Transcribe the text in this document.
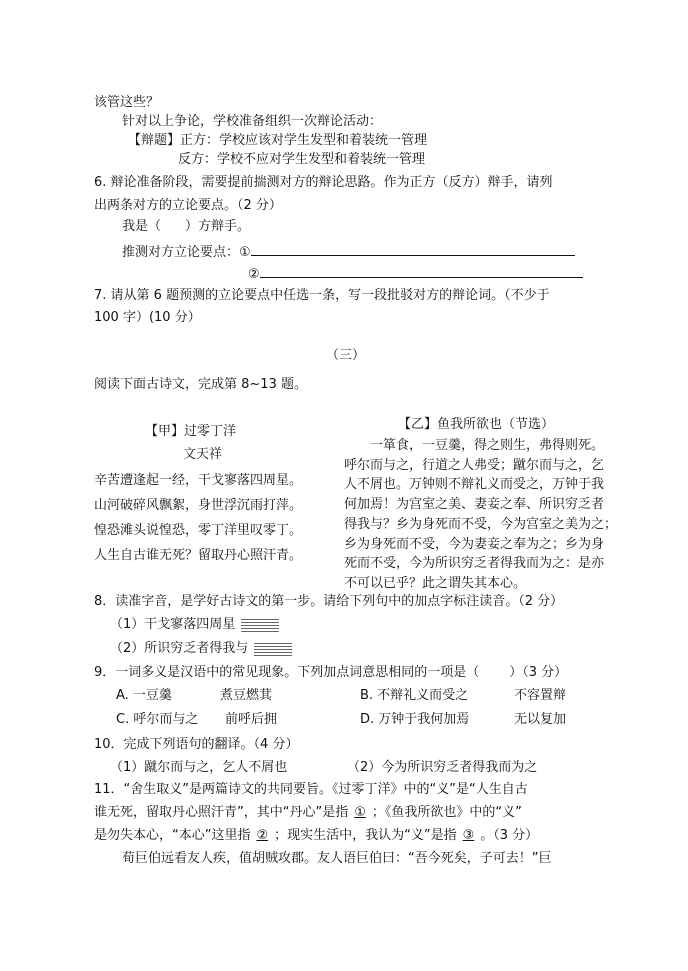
该管这些？
针对以上争论，学校准备组织一次辩论活动：
【辩题】正方：学校应该对学生发型和着装统一管理
反方：学校不应对学生发型和着装统一管理
6. 辩论准备阶段，需要提前揣测对方的辩论思路。作为正方（反方）辩手，请列
出两条对方的立论要点。（2 分）
我是（ ）方辩手。
推测对方立论要点：①
②
7. 请从第 6 题预测的立论要点中任选一条，写一段批驳对方的辩论词。（不少于
100 字）(10 分）
（三）
阅读下面古诗文，完成第 8~13 题。
【甲】过零丁洋
文天祥
辛苦遭逢起一经，干戈寥落四周星。
山河破碎风飘絮，身世浮沉雨打萍。
惶恐滩头说惶恐，零丁洋里叹零丁。
人生自古谁无死？留取丹心照汗青。
【乙】鱼我所欲也（节选）
一箪食，一豆羹，得之则生，弗得则死。
呼尔而与之，行道之人弗受；蹴尔而与之，乞
人不屑也。万钟则不辩礼义而受之，万钟于我
何加焉！为宫室之美、妻妾之奉、所识穷乏者
得我与？乡为身死而不受，今为宫室之美为之；
乡为身死而不受，今为妻妾之奉为之；乡为身
死而不受，今为所识穷乏者得我而为之：是亦
不可以已乎？此之谓失其本心。
8．读准字音，是学好古诗文的第一步。请给下列句中的加点字标注读音。（2 分）
（1）干戈寥落四周星
（2）所识穷乏者得我与
9．一词多义是汉语中的常见现象。下列加点词意思相同的一项是（ ）（3 分）
A. 一豆羹	煮豆燃萁	B. 不辩礼义而受之	不容置辩
C. 呼尔而与之 前呼后拥	D. 万钟于我何加焉	无以复加
10．完成下列语句的翻译。（4 分）
（1）蹴尔而与之，乞人不屑也	（2）今为所识穷乏者得我而为之
11．“舍生取义”是两篇诗文的共同要旨。《过零丁洋》中的“义”是“人生自古
谁无死，留取丹心照汗青”，其中“丹心”是指 ① ；《鱼我所欲也》中的“义”
是勿失本心，“本心”这里指 ② ；现实生活中，我认为“义”是指 ③ 。（3 分）
荀巨伯远看友人疾，值胡贼攻郡。友人语巨伯曰：“吾今死矣，子可去！”巨
